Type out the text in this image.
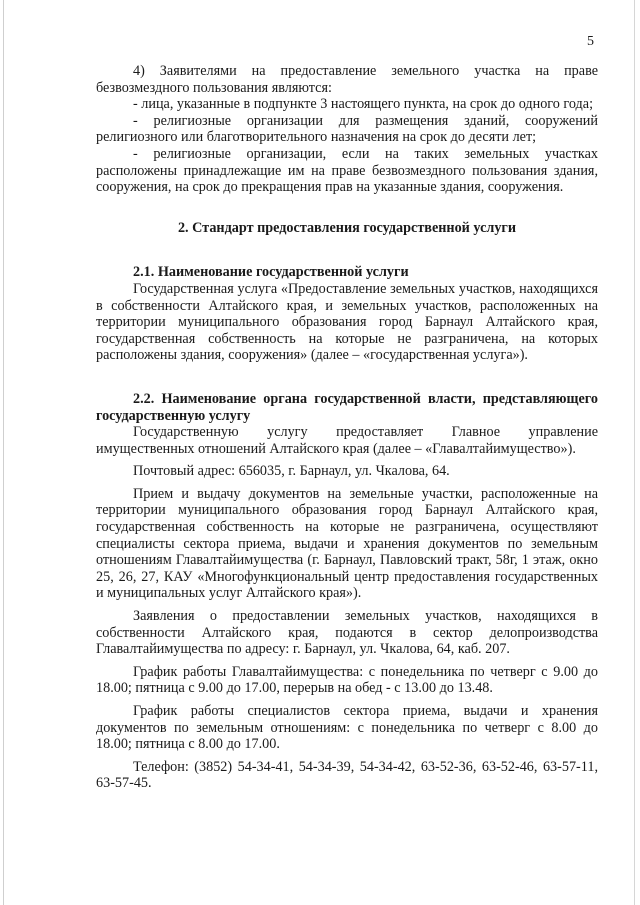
5

4) Заявителями на предоставление земельного участка на праве безвозмездного пользования являются:

- лица, указанные в подпункте 3 настоящего пункта, на срок до одного года;

- религиозные организации для размещения зданий, сооружений религиозного или благотворительного назначения на срок до десяти лет;

- религиозные организации, если на таких земельных участках расположены принадлежащие им на праве безвозмездного пользования здания, сооружения, на срок до прекращения прав на указанные здания, сооружения.

2. Стандарт предоставления государственной услуги

2.1. Наименование государственной услуги

Государственная услуга «Предоставление земельных участков, находящихся в собственности Алтайского края, и земельных участков, расположенных на территории муниципального образования город Барнаул Алтайского края, государственная собственность на которые не разграничена, на которых расположены здания, сооружения» (далее – «государственная услуга»).

2.2. Наименование органа государственной власти, представляющего государственную услугу

Государственную услугу предоставляет Главное управление имущественных отношений Алтайского края (далее – «Главалтайимущество»).

Почтовый адрес: 656035, г. Барнаул, ул. Чкалова, 64.

Прием и выдачу документов на земельные участки, расположенные на территории муниципального образования город Барнаул Алтайского края, государственная собственность на которые не разграничена, осуществляют специалисты сектора приема, выдачи и хранения документов по земельным отношениям Главалтайимущества (г. Барнаул, Павловский тракт, 58г, 1 этаж, окно 25, 26, 27, КАУ «Многофункциональный центр предоставления государственных и муниципальных услуг Алтайского края»).

Заявления о предоставлении земельных участков, находящихся в собственности Алтайского края, подаются в сектор делопроизводства Главалтайимущества по адресу: г. Барнаул, ул. Чкалова, 64, каб. 207.

График работы Главалтайимущества: с понедельника по четверг с 9.00 до 18.00; пятница с 9.00 до 17.00, перерыв на обед - с 13.00 до 13.48.

График работы специалистов сектора приема, выдачи и хранения документов по земельным отношениям: с понедельника по четверг с 8.00 до 18.00; пятница с 8.00 до 17.00.

Телефон: (3852) 54-34-41, 54-34-39, 54-34-42, 63-52-36, 63-52-46, 63-57-11, 63-57-45.
